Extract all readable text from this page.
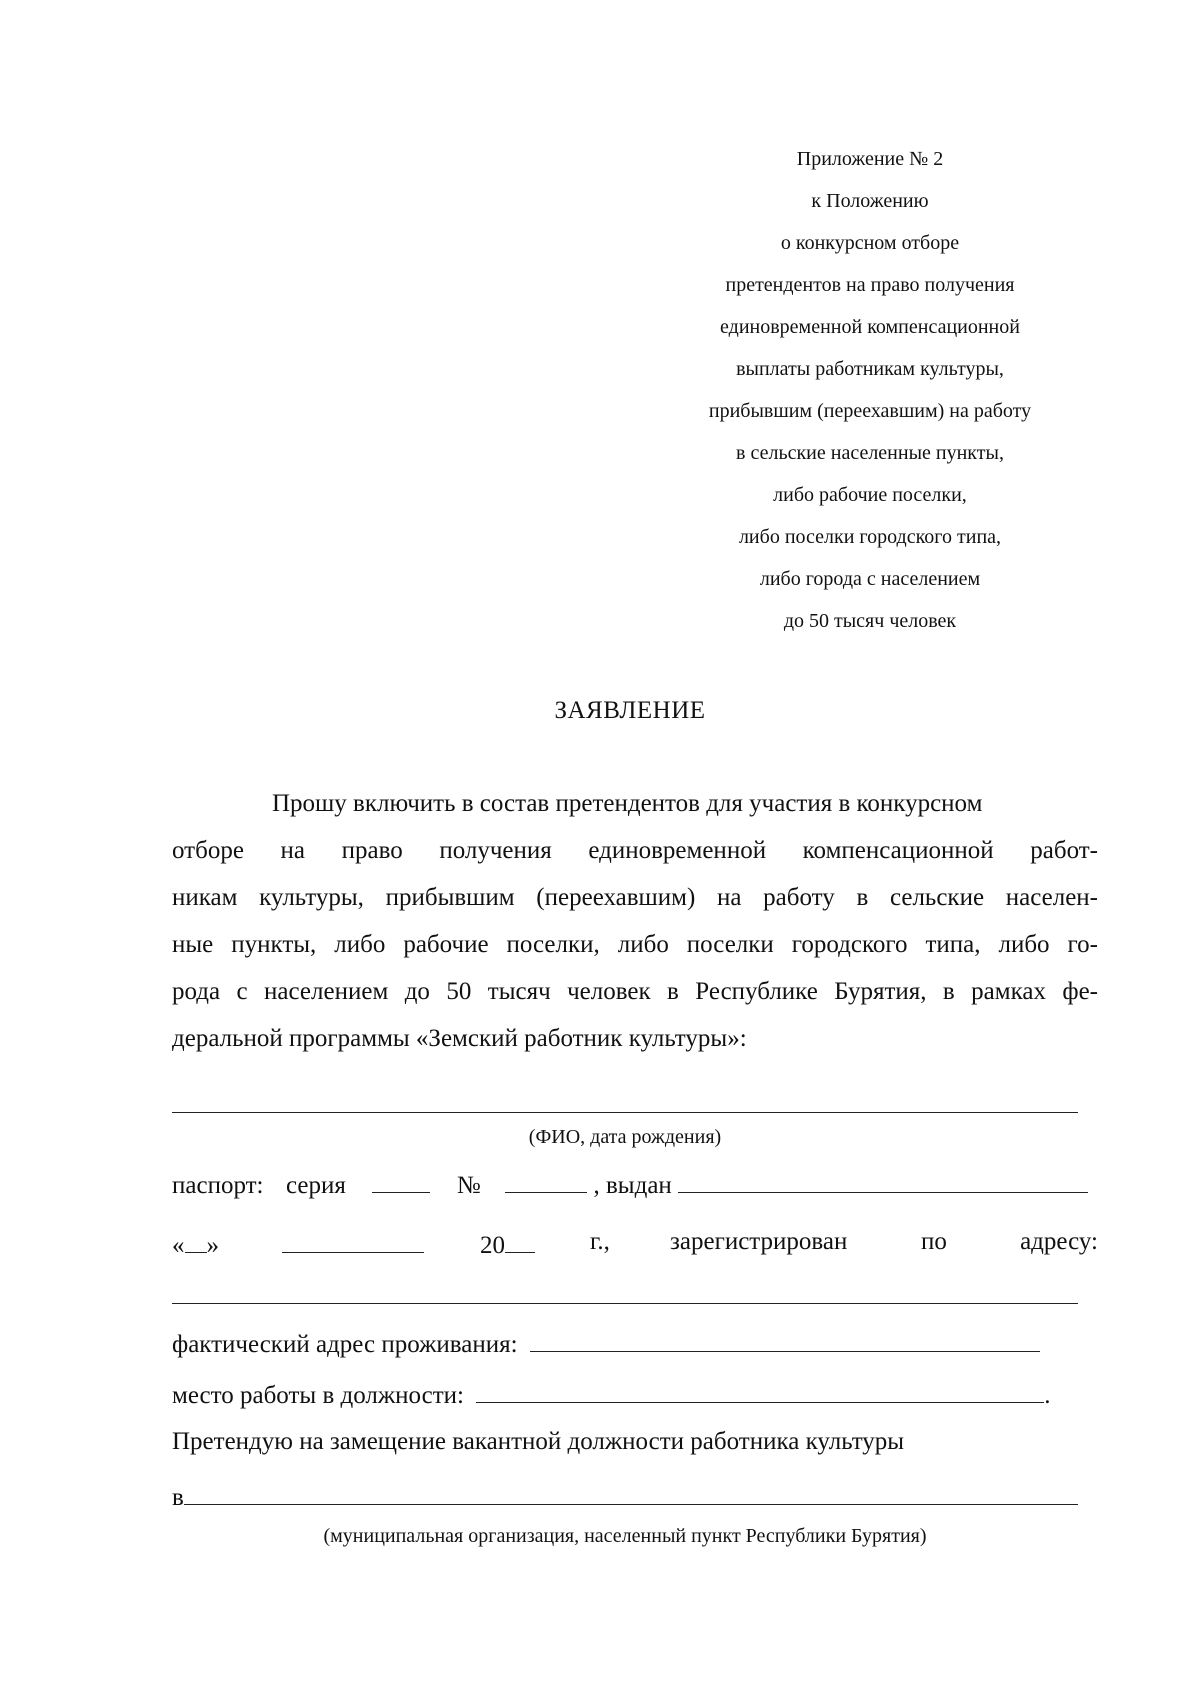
Приложение № 2
к Положению
о конкурсном отборе
претендентов на право получения
единовременной компенсационной
выплаты работникам культуры,
прибывшим (переехавшим) на работу
в сельские населенные пункты,
либо рабочие поселки,
либо поселки городского типа,
либо города с населением
до 50 тысяч человек
ЗАЯВЛЕНИЕ
Прошу включить в состав претендентов для участия в конкурсном
отборе на право получения единовременной компенсационной работ-
никам культуры, прибывшим (переехавшим) на работу в сельские населен-
ные пункты, либо рабочие поселки, либо поселки городского типа, либо го-
рода с населением до 50 тысяч человек в Республике Бурятия, в рамках фе-
деральной программы «Земский работник культуры»:
(ФИО, дата рождения)
паспорт: серия	№	, выдан
« »	20	г., зарегистрирован	по	адресу:
фактический адрес проживания:
место работы в должности:	.
Претендую на замещение вакантной должности работника культуры
в
(муниципальная организация, населенный пункт Республики Бурятия)
